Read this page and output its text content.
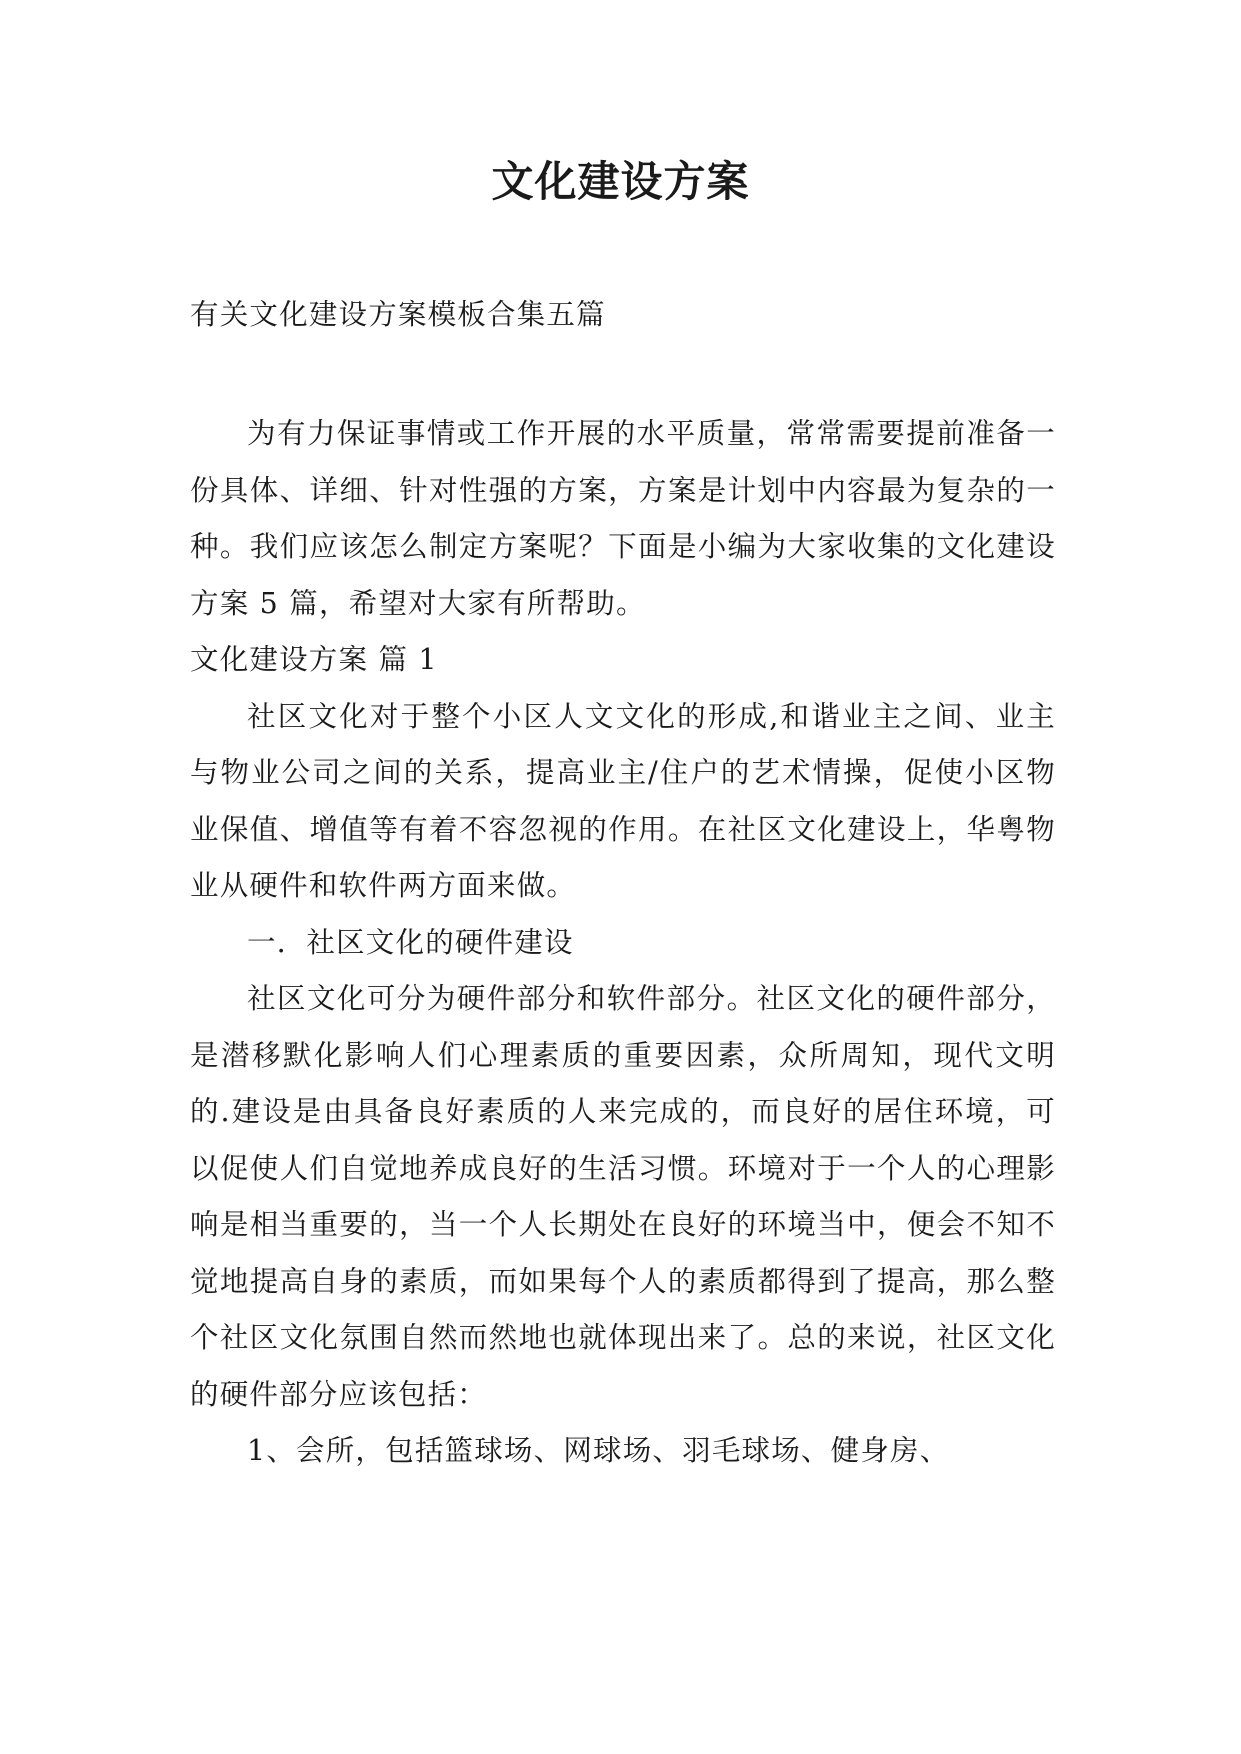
文化建设方案
有关文化建设方案模板合集五篇

为有力保证事情或工作开展的水平质量，常常需要提前准备一份具体、详细、针对性强的方案，方案是计划中内容最为复杂的一种。我们应该怎么制定方案呢？下面是小编为大家收集的文化建设方案 5 篇，希望对大家有所帮助。

文化建设方案 篇 1

社区文化对于整个小区人文文化的形成,和谐业主之间、业主与物业公司之间的关系，提高业主/住户的艺术情操，促使小区物业保值、增值等有着不容忽视的作用。在社区文化建设上，华粤物业从硬件和软件两方面来做。

一．社区文化的硬件建设

社区文化可分为硬件部分和软件部分。社区文化的硬件部分，是潜移默化影响人们心理素质的重要因素，众所周知，现代文明的.建设是由具备良好素质的人来完成的，而良好的居住环境，可以促使人们自觉地养成良好的生活习惯。环境对于一个人的心理影响是相当重要的，当一个人长期处在良好的环境当中，便会不知不觉地提高自身的素质，而如果每个人的素质都得到了提高，那么整个社区文化氛围自然而然地也就体现出来了。总的来说，社区文化的硬件部分应该包括：

1、会所，包括篮球场、网球场、羽毛球场、健身房、
